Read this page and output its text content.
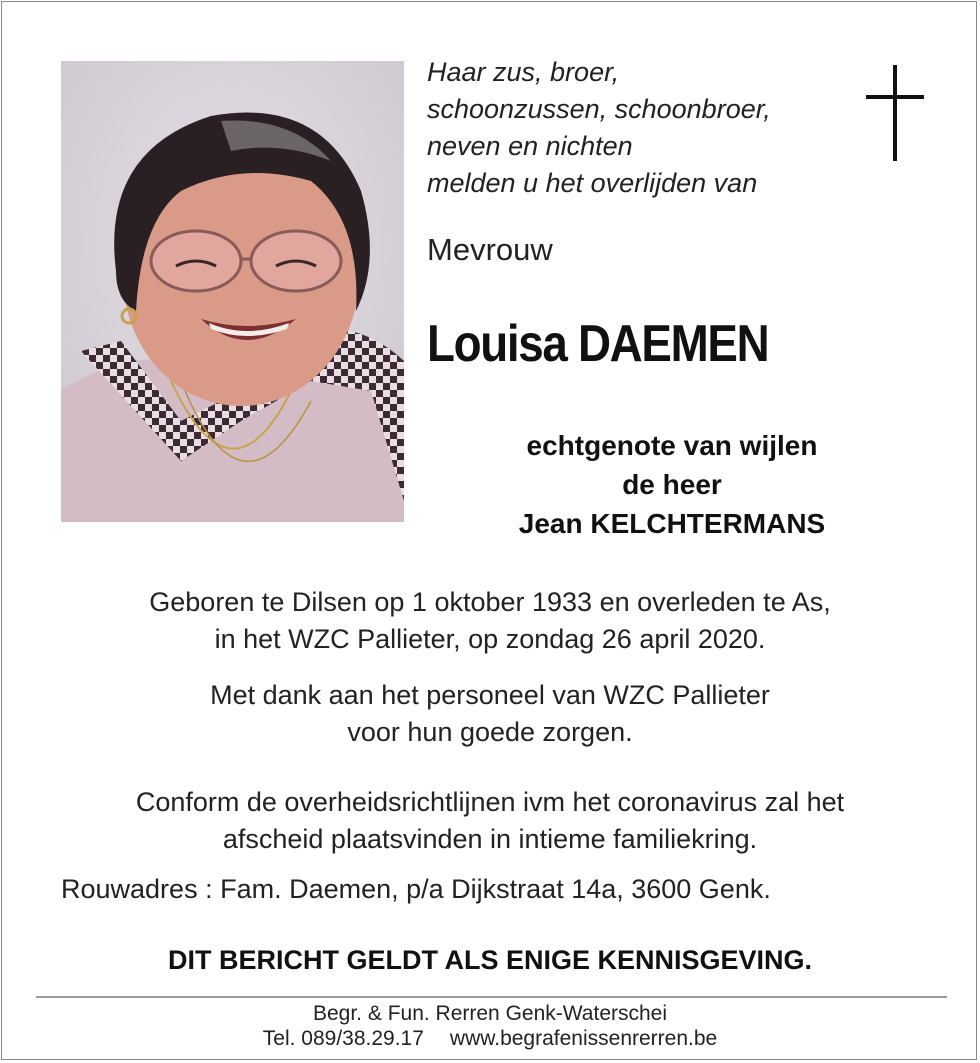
Haar zus, broer,
schoonzussen, schoonbroer,
neven en nichten
melden u het overlijden van
Mevrouw
Louisa DAEMEN
echtgenote van wijlen
de heer
Jean KELCHTERMANS
Geboren te Dilsen op 1 oktober 1933 en overleden te As,
in het WZC Pallieter, op zondag 26 april 2020.
Met dank aan het personeel van WZC Pallieter
voor hun goede zorgen.
Conform de overheidsrichtlijnen ivm het coronavirus zal het
afscheid plaatsvinden in intieme familiekring.
Rouwadres : Fam. Daemen, p/a Dijkstraat 14a, 3600 Genk.
DIT BERICHT GELDT ALS ENIGE KENNISGEVING.
Begr. & Fun. Rerren Genk-Waterschei
Tel. 089/38.29.17 www.begrafenissenrerren.be
